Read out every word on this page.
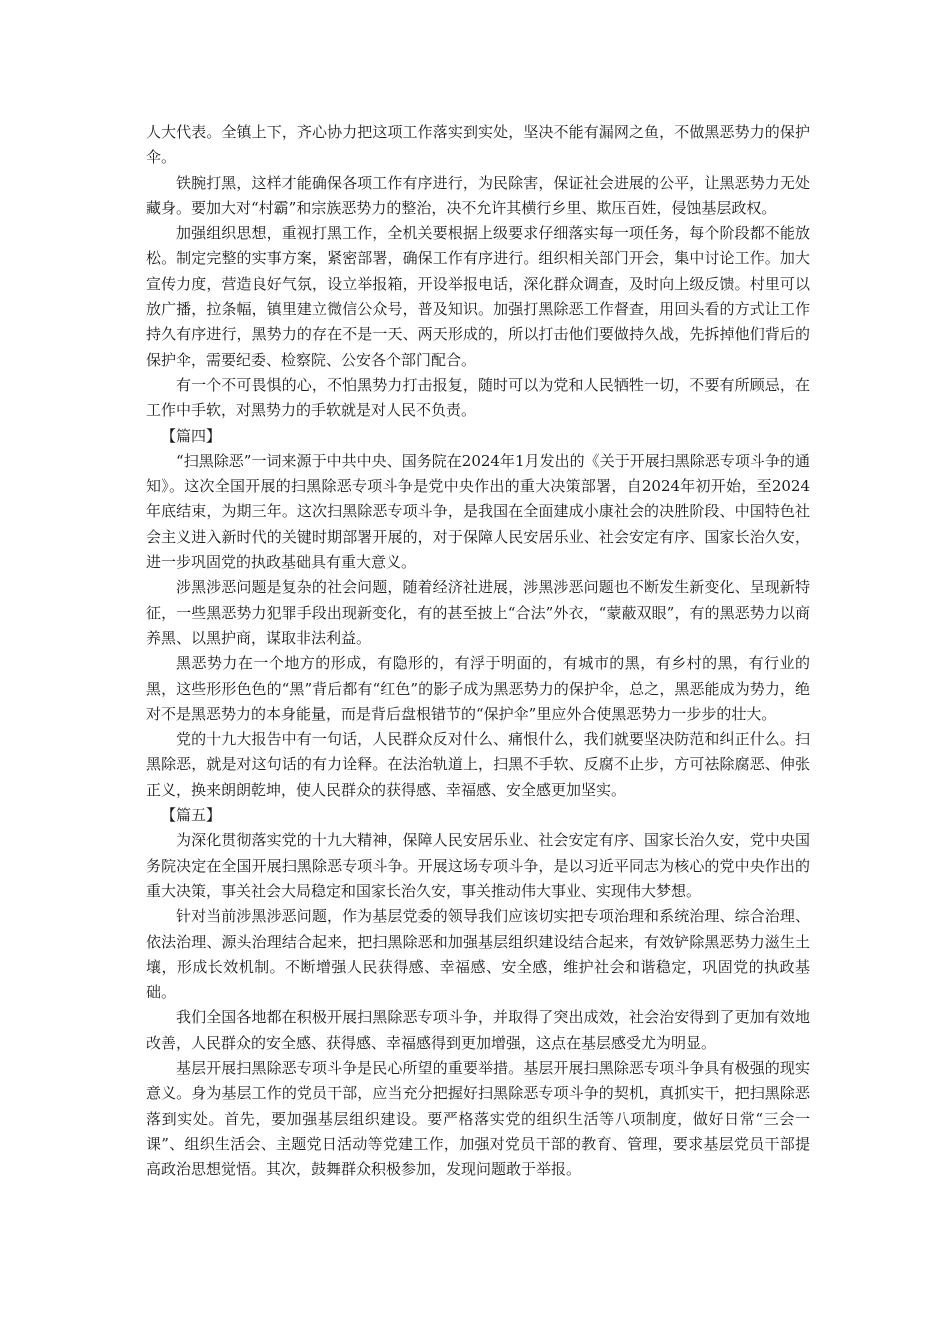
人大代表。全镇上下，齐心协力把这项工作落实到实处，坚决不能有漏网之鱼，不做黑恶势力的保护伞。

铁腕打黑，这样才能确保各项工作有序进行，为民除害，保证社会进展的公平，让黑恶势力无处藏身。要加大对“村霸”和宗族恶势力的整治，决不允许其横行乡里、欺压百姓，侵蚀基层政权。

加强组织思想，重视打黑工作，全机关要根据上级要求仔细落实每一项任务，每个阶段都不能放松。制定完整的实事方案，紧密部署，确保工作有序进行。组织相关部门开会，集中讨论工作。加大宣传力度，营造良好气氛，设立举报箱，开设举报电话，深化群众调查，及时向上级反馈。村里可以放广播，拉条幅，镇里建立微信公众号，普及知识。加强打黑除恶工作督查，用回头看的方式让工作持久有序进行，黑势力的存在不是一天、两天形成的，所以打击他们要做持久战，先拆掉他们背后的保护伞，需要纪委、检察院、公安各个部门配合。

有一个不可畏惧的心，不怕黑势力打击报复，随时可以为党和人民牺牲一切，不要有所顾忌，在工作中手软，对黑势力的手软就是对人民不负责。

【篇四】

“扫黑除恶”一词来源于中共中央、国务院在2024年1月发出的《关于开展扫黑除恶专项斗争的通知》。这次全国开展的扫黑除恶专项斗争是党中央作出的重大决策部署，自2024年初开始，至2024年底结束，为期三年。这次扫黑除恶专项斗争，是我国在全面建成小康社会的决胜阶段、中国特色社会主义进入新时代的关键时期部署开展的，对于保障人民安居乐业、社会安定有序、国家长治久安，进一步巩固党的执政基础具有重大意义。

涉黑涉恶问题是复杂的社会问题，随着经济社进展，涉黑涉恶问题也不断发生新变化、呈现新特征，一些黑恶势力犯罪手段出现新变化，有的甚至披上“合法”外衣，“蒙蔽双眼”，有的黑恶势力以商养黑、以黑护商，谋取非法利益。

黑恶势力在一个地方的形成，有隐形的，有浮于明面的，有城市的黑，有乡村的黑，有行业的黑，这些形形色色的“黑”背后都有“红色”的影子成为黑恶势力的保护伞，总之，黑恶能成为势力，绝对不是黑恶势力的本身能量，而是背后盘根错节的“保护伞”里应外合使黑恶势力一步步的壮大。

党的十九大报告中有一句话，人民群众反对什么、痛恨什么，我们就要坚决防范和纠正什么。扫黑除恶，就是对这句话的有力诠释。在法治轨道上，扫黑不手软、反腐不止步，方可祛除腐恶、伸张正义，换来朗朗乾坤，使人民群众的获得感、幸福感、安全感更加坚实。

【篇五】

为深化贯彻落实党的十九大精神，保障人民安居乐业、社会安定有序、国家长治久安，党中央国务院决定在全国开展扫黑除恶专项斗争。开展这场专项斗争，是以习近平同志为核心的党中央作出的重大决策，事关社会大局稳定和国家长治久安，事关推动伟大事业、实现伟大梦想。

针对当前涉黑涉恶问题，作为基层党委的领导我们应该切实把专项治理和系统治理、综合治理、依法治理、源头治理结合起来，把扫黑除恶和加强基层组织建设结合起来，有效铲除黑恶势力滋生土壤，形成长效机制。不断增强人民获得感、幸福感、安全感，维护社会和谐稳定，巩固党的执政基础。

我们全国各地都在积极开展扫黑除恶专项斗争，并取得了突出成效，社会治安得到了更加有效地改善，人民群众的安全感、获得感、幸福感得到更加增强，这点在基层感受尤为明显。

基层开展扫黑除恶专项斗争是民心所望的重要举措。基层开展扫黑除恶专项斗争具有极强的现实意义。身为基层工作的党员干部，应当充分把握好扫黑除恶专项斗争的契机，真抓实干，把扫黑除恶落到实处。首先，要加强基层组织建设。要严格落实党的组织生活等八项制度，做好日常“三会一课”、组织生活会、主题党日活动等党建工作，加强对党员干部的教育、管理，要求基层党员干部提高政治思想觉悟。其次，鼓舞群众积极参加，发现问题敢于举报。
